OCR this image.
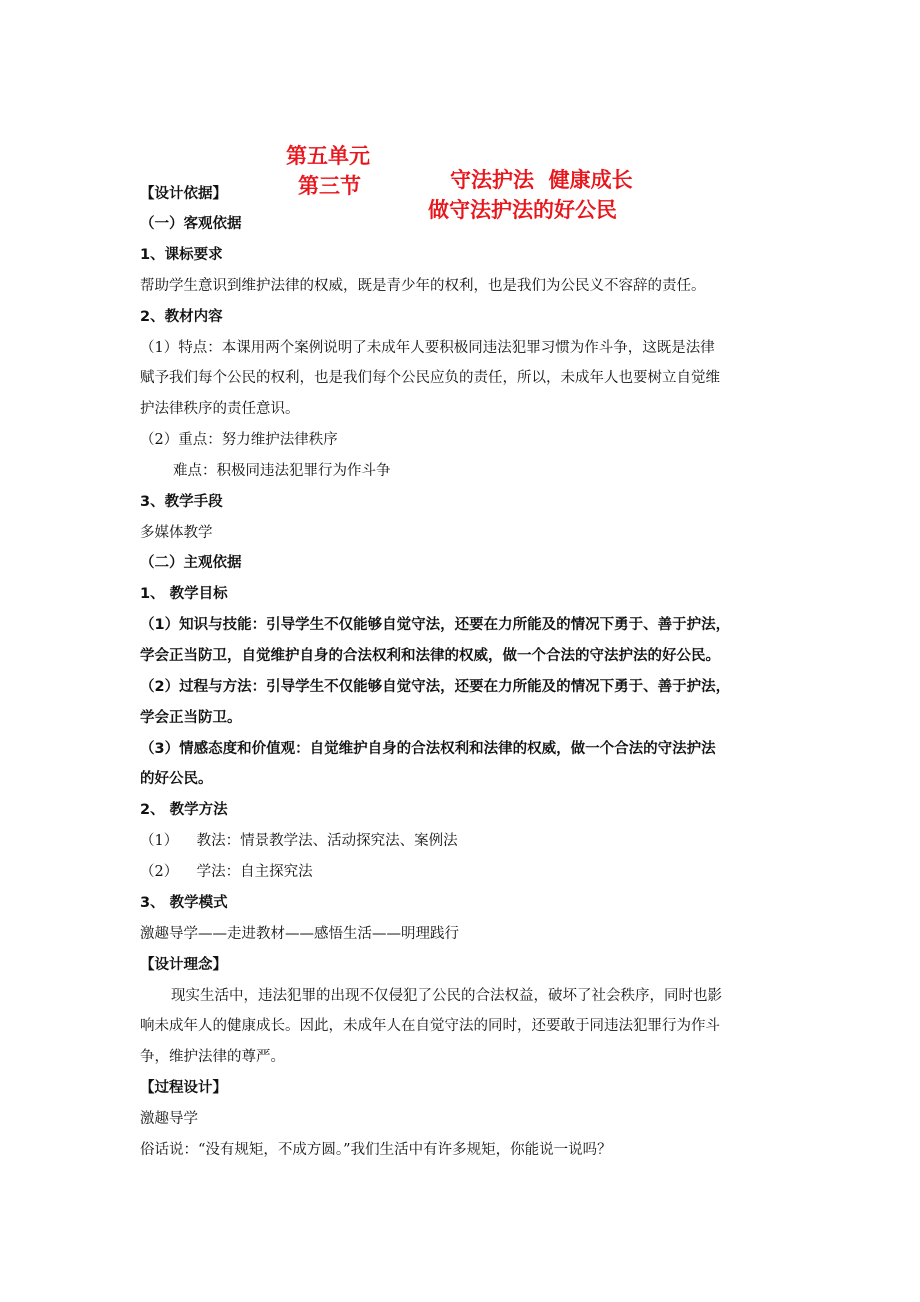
第五单元

守法护法  健康成长

第三节

做守法护法的好公民

【设计依据】
（一）客观依据
1、课标要求
帮助学生意识到维护法律的权威，既是青少年的权利，也是我们为公民义不容辞的责任。
2、教材内容
（1）特点：本课用两个案例说明了未成年人要积极同违法犯罪习惯为作斗争，这既是法律
赋予我们每个公民的权利，也是我们每个公民应负的责任，所以，未成年人也要树立自觉维
护法律秩序的责任意识。
（2）重点：努力维护法律秩序
难点：积极同违法犯罪行为作斗争
3、教学手段
多媒体教学
（二）主观依据
1、 教学目标
（1）知识与技能：引导学生不仅能够自觉守法，还要在力所能及的情况下勇于、善于护法，
学会正当防卫，自觉维护自身的合法权利和法律的权威，做一个合法的守法护法的好公民。
（2）过程与方法：引导学生不仅能够自觉守法，还要在力所能及的情况下勇于、善于护法，
学会正当防卫。
（3）情感态度和价值观：自觉维护自身的合法权利和法律的权威，做一个合法的守法护法
的好公民。
2、 教学方法
（1）    教法：情景教学法、活动探究法、案例法
（2）    学法：自主探究法
3、 教学模式
激趣导学——走进教材——感悟生活——明理践行
【设计理念】
现实生活中，违法犯罪的出现不仅侵犯了公民的合法权益，破坏了社会秩序，同时也影
响未成年人的健康成长。因此，未成年人在自觉守法的同时，还要敢于同违法犯罪行为作斗
争，维护法律的尊严。
【过程设计】
激趣导学
俗话说：“没有规矩，不成方圆。”我们生活中有许多规矩，你能说一说吗？
